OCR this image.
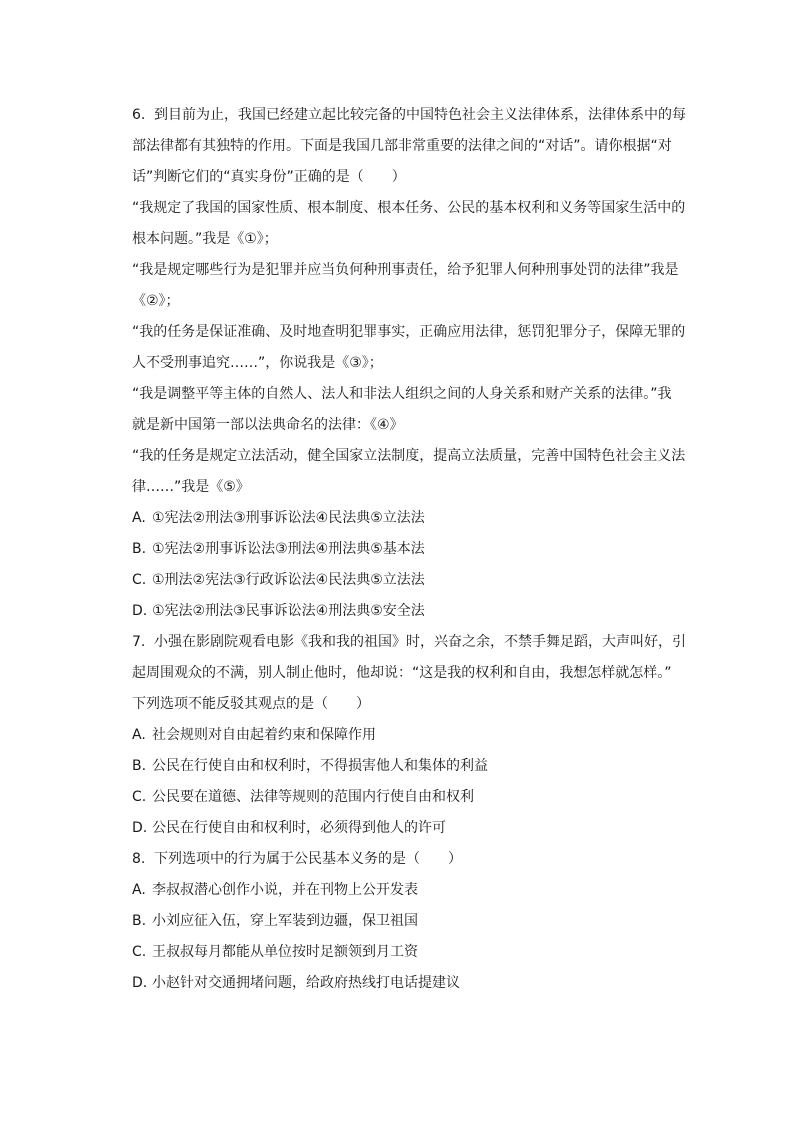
6. 到目前为止，我国已经建立起比较完备的中国特色社会主义法律体系，法律体系中的每
部法律都有其独特的作用。下面是我国几部非常重要的法律之间的“对话”。请你根据“对
话”判断它们的“真实身份”正确的是（　　）
“我规定了我国的国家性质、根本制度、根本任务、公民的基本权利和义务等国家生活中的
根本问题。”我是《①》；
“我是规定哪些行为是犯罪并应当负何种刑事责任，给予犯罪人何种刑事处罚的法律”我是
《②》；
“我的任务是保证准确、及时地查明犯罪事实，正确应用法律，惩罚犯罪分子，保障无罪的
人不受刑事追究……”，你说我是《③》；
“我是调整平等主体的自然人、法人和非法人组织之间的人身关系和财产关系的法律。”我
就是新中国第一部以法典命名的法律：《④》
“我的任务是规定立法活动，健全国家立法制度，提高立法质量，完善中国特色社会主义法
律……”我是《⑤》
A. ①宪法②刑法③刑事诉讼法④民法典⑤立法法
B. ①宪法②刑事诉讼法③刑法④刑法典⑤基本法
C. ①刑法②宪法③行政诉讼法④民法典⑤立法法
D. ①宪法②刑法③民事诉讼法④刑法典⑤安全法
7. 小强在影剧院观看电影《我和我的祖国》时，兴奋之余，不禁手舞足蹈，大声叫好，引
起周围观众的不满，别人制止他时，他却说：“这是我的权利和自由，我想怎样就怎样。”
下列选项不能反驳其观点的是（　　）
A. 社会规则对自由起着约束和保障作用
B. 公民在行使自由和权利时，不得损害他人和集体的利益
C. 公民要在道德、法律等规则的范围内行使自由和权利
D. 公民在行使自由和权利时，必须得到他人的许可
8. 下列选项中的行为属于公民基本义务的是（　　）
A. 李叔叔潜心创作小说，并在刊物上公开发表
B. 小刘应征入伍，穿上军装到边疆，保卫祖国
C. 王叔叔每月都能从单位按时足额领到月工资
D. 小赵针对交通拥堵问题，给政府热线打电话提建议
